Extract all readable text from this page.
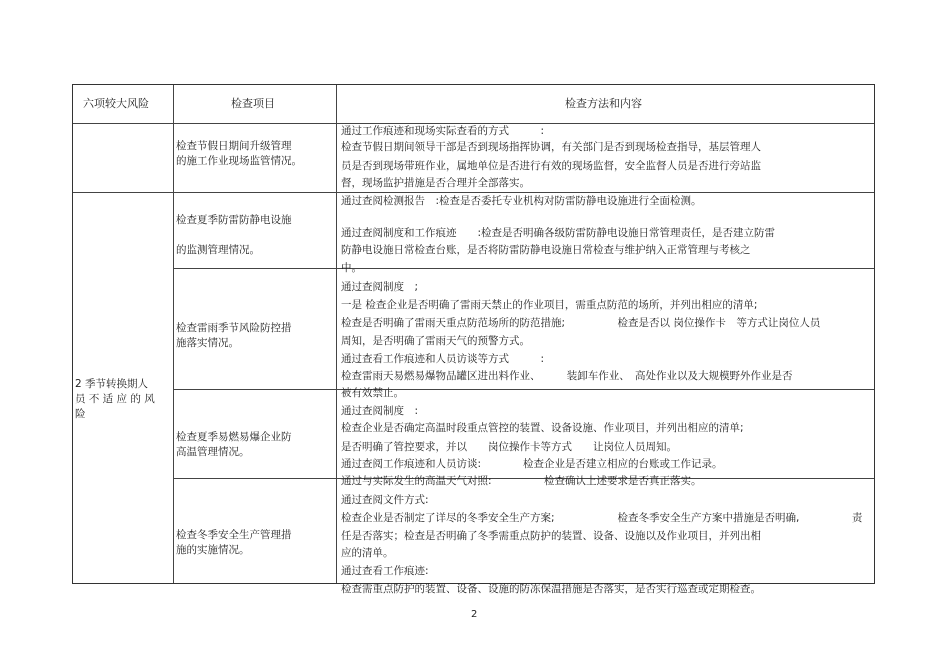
六项较大风险	检查项目	检查方法和内容
2 季节转换期人
员 不 适 应 的 风
险
检查节假日期间升级管理
的施工作业现场监管情况。
通过工作痕迹和现场实际查看的方式　　　:
检查节假日期间领导干部是否到现场指挥协调，有关部门是否到现场检查指导，基层管理人
员是否到现场带班作业，属地单位是否进行有效的现场监督，安全监督人员是否进行旁站监
督，现场监护措施是否合理并全部落实。
检查夏季防雷防静电设施
的监测管理情况。
通过查阅检测报告　:检查是否委托专业机构对防雷防静电设施进行全面检测。
通过查阅制度和工作痕迹　　:检查是否明确各级防雷防静电设施日常管理责任，是否建立防雷
防静电设施日常检查台账，是否将防雷防静电设施日常检查与维护纳入正常管理与考核之
中。
检查雷雨季节风险防控措
施落实情况。
通过查阅制度　;
一是 检查企业是否明确了雷雨天禁止的作业项目，需重点防范的场所，并列出相应的清单;
检查是否明确了雷雨天重点防范场所的防范措施;　　　　　检查是否以 岗位操作卡　等方式让岗位人员
周知，是否明确了雷雨天气的预警方式。
通过查看工作痕迹和人员访谈等方式　　　:
检查雷雨天易燃易爆物品罐区进出料作业、　　　装卸车作业、　高处作业以及大规模野外作业是否
被有效禁止。
检查夏季易燃易爆企业防
高温管理情况。
通过查阅制度　:
检查企业是否确定高温时段重点管控的装置、设备设施、作业项目，并列出相应的清单;
是否明确了管控要求，并以　　岗位操作卡等方式　　让岗位人员周知。
通过查阅工作痕迹和人员访谈:　　　　检查企业是否建立相应的台账或工作记录。
通过与实际发生的高温天气对照:　　　　　检查确认上述要求是否真正落实。
检查冬季安全生产管理措
施的实施情况。
通过查阅文件方式:
检查企业是否制定了详尽的冬季安全生产方案;　　　　　　检查冬季安全生产方案中措施是否明确,　　　　　责
任是否落实；检查是否明确了冬季需重点防护的装置、设备、设施以及作业项目，并列出相
应的清单。
通过查看工作痕迹:
检查需重点防护的装置、设备、设施的防冻保温措施是否落实，是否实行巡查或定期检查。
2
